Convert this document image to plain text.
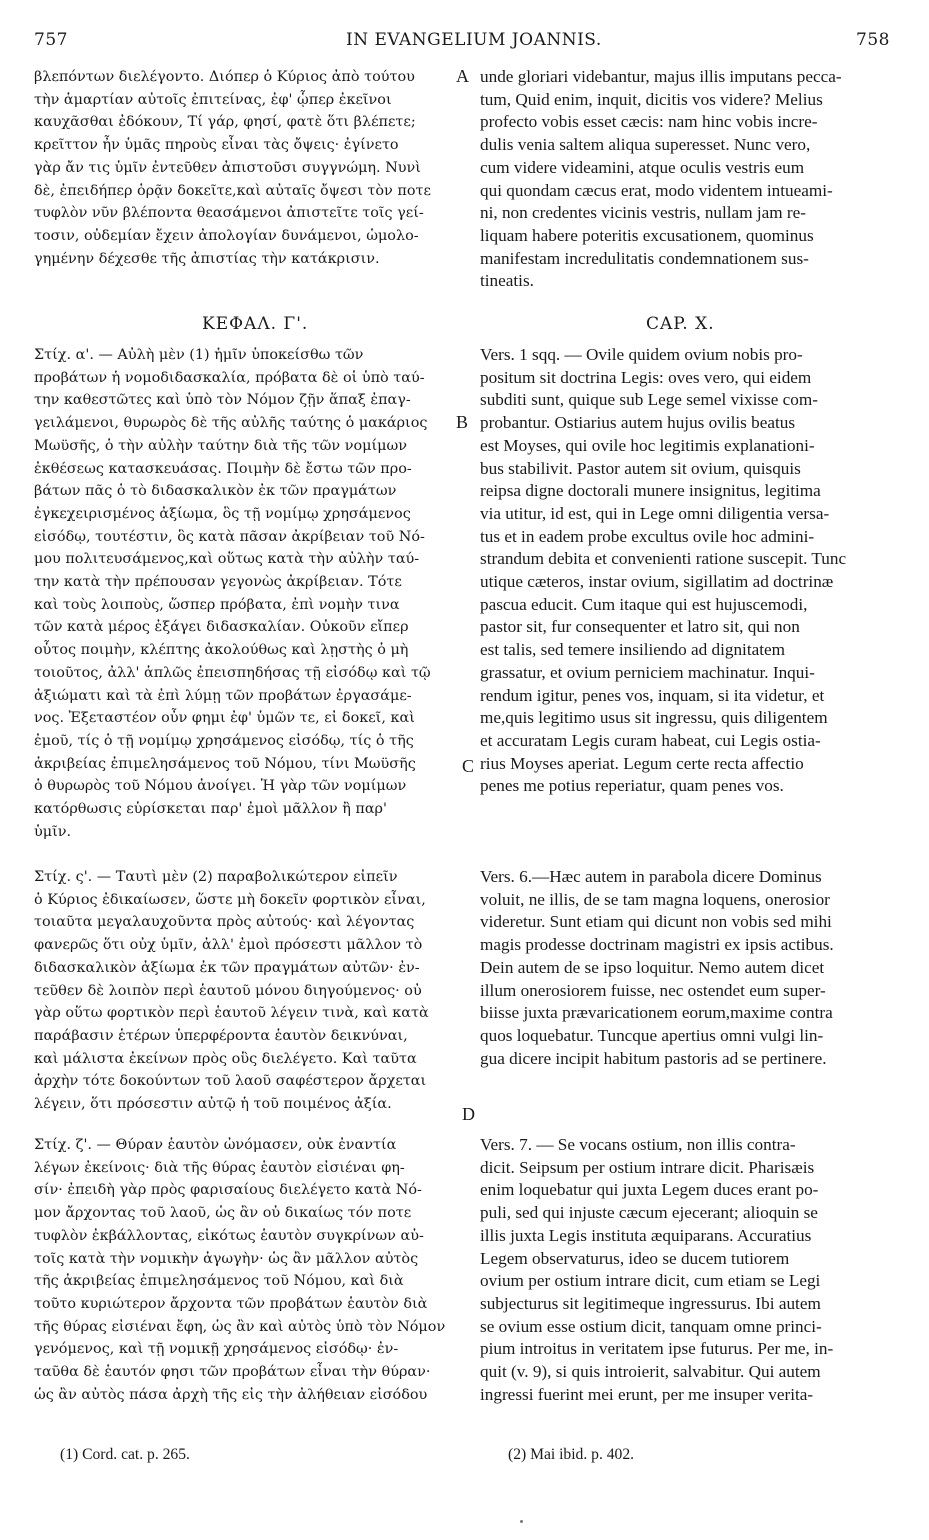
757	IN EVANGELIUM JOANNIS.	758
βλεπόντων διελέγοντο. Διόπερ ὁ Κύριος ἀπὸ τούτου
τὴν ἁμαρτίαν αὐτοῖς ἐπιτείνας, ἐφ' ᾧπερ ἐκεῖνοι
καυχᾶσθαι ἐδόκουν, Τί γάρ, φησί, φατὲ ὅτι βλέπετε;
κρεῖττον ἦν ὑμᾶς πηροὺς εἶναι τὰς ὄψεις· ἐγίνετο
γὰρ ἄν τις ὑμῖν ἐντεῦθεν ἀπιστοῦσι συγγνώμη. Νυνὶ
δὲ, ἐπειδήπερ ὁρᾷν δοκεῖτε,καὶ αὐταῖς ὄψεσι τὸν ποτε
τυφλὸν νῦν βλέποντα θεασάμενοι ἀπιστεῖτε τοῖς γεί-
τοσιν, οὐδεμίαν ἔχειν ἀπολογίαν δυνάμενοι, ὡμολο-
γημένην δέχεσθε τῆς ἀπιστίας τὴν κατάκρισιν.
ΚΕΦΑΛ. Γ'.
Στίχ. α'. — Αὐλὴ μὲν (1) ἡμῖν ὑποκείσθω τῶν
προβάτων ἡ νομοδιδασκαλία, πρόβατα δὲ οἱ ὑπὸ ταύ-
την καθεστῶτες καὶ ὑπὸ τὸν Νόμον ζῇν ἅπαξ ἐπαγ-
γειλάμενοι, θυρωρὸς δὲ τῆς αὐλῆς ταύτης ὁ μακάριος
Μωϋσῆς, ὁ τὴν αὐλὴν ταύτην διὰ τῆς τῶν νομίμων
ἐκθέσεως κατασκευάσας. Ποιμὴν δὲ ἔστω τῶν προ-
βάτων πᾶς ὁ τὸ διδασκαλικὸν ἐκ τῶν πραγμάτων
ἐγκεχειρισμένος ἀξίωμα, ὃς τῇ νομίμῳ χρησάμενος
εἰσόδῳ, τουτέστιν, ὃς κατὰ πᾶσαν ἀκρίβειαν τοῦ Νό-
μου πολιτευσάμενος,καὶ οὕτως κατὰ τὴν αὐλὴν ταύ-
την κατὰ τὴν πρέπουσαν γεγονὼς ἀκρίβειαν. Τότε
καὶ τοὺς λοιποὺς, ὥσπερ πρόβατα, ἐπὶ νομὴν τινα
τῶν κατὰ μέρος ἐξάγει διδασκαλίαν. Οὐκοῦν εἴπερ
οὗτος ποιμὴν, κλέπτης ἀκολούθως καὶ λῃστὴς ὁ μὴ
τοιοῦτος, ἀλλ' ἁπλῶς ἐπεισπηδήσας τῇ εἰσόδῳ καὶ τῷ
ἀξιώματι καὶ τὰ ἐπὶ λύμῃ τῶν προβάτων ἐργασάμε-
νος. Ἐξεταστέον οὖν φημι ἐφ' ὑμῶν τε, εἰ δοκεῖ, καὶ
ἐμοῦ, τίς ὁ τῇ νομίμῳ χρησάμενος εἰσόδῳ, τίς ὁ τῆς
ἀκριβείας ἐπιμελησάμενος τοῦ Νόμου, τίνι Μωϋσῆς
ὁ θυρωρὸς τοῦ Νόμου ἀνοίγει. Ἡ γὰρ τῶν νομίμων
κατόρθωσις εὑρίσκεται παρ' ἐμοὶ μᾶλλον ἢ παρ'
ὑμῖν.
Στίχ. ς'. — Ταυτὶ μὲν (2) παραβολικώτερον εἰπεῖν
ὁ Κύριος ἐδικαίωσεν, ὥστε μὴ δοκεῖν φορτικὸν εἶναι,
τοιαῦτα μεγαλαυχοῦντα πρὸς αὐτούς· καὶ λέγοντας
φανερῶς ὅτι οὐχ ὑμῖν, ἀλλ' ἐμοὶ πρόσεστι μᾶλλον τὸ
διδασκαλικὸν ἀξίωμα ἐκ τῶν πραγμάτων αὐτῶν· ἐν-
τεῦθεν δὲ λοιπὸν περὶ ἑαυτοῦ μόνου διηγούμενος· οὐ
γὰρ οὕτω φορτικὸν περὶ ἑαυτοῦ λέγειν τινὰ, καὶ κατὰ
παράβασιν ἑτέρων ὑπερφέροντα ἑαυτὸν δεικνύναι,
καὶ μάλιστα ἐκείνων πρὸς οὓς διελέγετο. Καὶ ταῦτα
ἀρχὴν τότε δοκούντων τοῦ λαοῦ σαφέστερον ἄρχεται
λέγειν, ὅτι πρόσεστιν αὐτῷ ἡ τοῦ ποιμένος ἀξία.
Στίχ. ζ'. — Θύραν ἑαυτὸν ὠνόμασεν, οὐκ ἐναντία
λέγων ἐκείνοις· διὰ τῆς θύρας ἑαυτὸν εἰσιέναι φη-
σίν· ἐπειδὴ γὰρ πρὸς φαρισαίους διελέγετο κατὰ Νό-
μον ἄρχοντας τοῦ λαοῦ, ὡς ἂν οὐ δικαίως τόν ποτε
τυφλὸν ἐκβάλλοντας, εἰκότως ἑαυτὸν συγκρίνων αὐ-
τοῖς κατὰ τὴν νομικὴν ἀγωγὴν· ὡς ἂν μᾶλλον αὐτὸς
τῆς ἀκριβείας ἐπιμελησάμενος τοῦ Νόμου, καὶ διὰ
τοῦτο κυριώτερον ἄρχοντα τῶν προβάτων ἑαυτὸν διὰ
τῆς θύρας εἰσιέναι ἔφη, ὡς ἂν καὶ αὐτὸς ὑπὸ τὸν Νόμον
γενόμενος, καὶ τῇ νομικῇ χρησάμενος εἰσόδῳ· ἐν-
ταῦθα δὲ ἑαυτόν φησι τῶν προβάτων εἶναι τὴν θύραν·
ὡς ἂν αὐτὸς πάσα ἀρχὴ τῆς εἰς τὴν ἀλήθειαν εἰσόδου
(1) Cord. cat. p. 265.
unde gloriari videbantur, majus illis imputans pecca-
tum, Quid enim, inquit, dicitis vos videre? Melius
profecto vobis esset cæcis: nam hinc vobis incre-
dulis venia saltem aliqua superesset. Nunc vero,
cum videre videamini, atque oculis vestris eum
qui quondam cæcus erat, modo videntem intueami-
ni, non credentes vicinis vestris, nullam jam re-
liquam habere poteritis excusationem, quominus
manifestam incredulitatis condemnationem sus-
tineatis.
CAP. X.
Vers. 1 sqq. — Ovile quidem ovium nobis pro-
positum sit doctrina Legis: oves vero, qui eidem
subditi sunt, quique sub Lege semel vixisse com-
probantur. Ostiarius autem hujus ovilis beatus
est Moyses, qui ovile hoc legitimis explanationi-
bus stabilivit. Pastor autem sit ovium, quisquis
reipsa digne doctorali munere insignitus, legitima
via utitur, id est, qui in Lege omni diligentia versa-
tus et in eadem probe excultus ovile hoc admini-
strandum debita et convenienti ratione suscepit. Tunc
utique cæteros, instar ovium, sigillatim ad doctrinæ
pascua educit. Cum itaque qui est hujuscemodi,
pastor sit, fur consequenter et latro sit, qui non
est talis, sed temere insiliendo ad dignitatem
grassatur, et ovium perniciem machinatur. Inqui-
rendum igitur, penes vos, inquam, si ita videtur, et
me,quis legitimo usus sit ingressu, quis diligentem
et accuratam Legis curam habeat, cui Legis ostia-
rius Moyses aperiat. Legum certe recta affectio
penes me potius reperiatur, quam penes vos.
Vers. 6.—Hæc autem in parabola dicere Dominus
voluit, ne illis, de se tam magna loquens, onerosior
videretur. Sunt etiam qui dicunt non vobis sed mihi
magis prodesse doctrinam magistri ex ipsis actibus.
Dein autem de se ipso loquitur. Nemo autem dicet
illum onerosiorem fuisse, nec ostendet eum super-
biisse juxta prævaricationem eorum,maxime contra
quos loquebatur. Tuncque apertius omni vulgi lin-
gua dicere incipit habitum pastoris ad se pertinere.
Vers. 7. — Se vocans ostium, non illis contra-
dicit. Seipsum per ostium intrare dicit. Pharisæis
enim loquebatur qui juxta Legem duces erant po-
puli, sed qui injuste cæcum ejecerant; alioquin se
illis juxta Legis instituta æquiparans. Accuratius
Legem observaturus, ideo se ducem tutiorem
ovium per ostium intrare dicit, cum etiam se Legi
subjecturus sit legitimeque ingressurus. Ibi autem
se ovium esse ostium dicit, tanquam omne princi-
pium introitus in veritatem ipse futurus. Per me, in-
quit (v. 9), si quis introierit, salvabitur. Qui autem
ingressi fuerint mei erunt, per me insuper verita-
(2) Mai ibid. p. 402.
A
B
C
D
